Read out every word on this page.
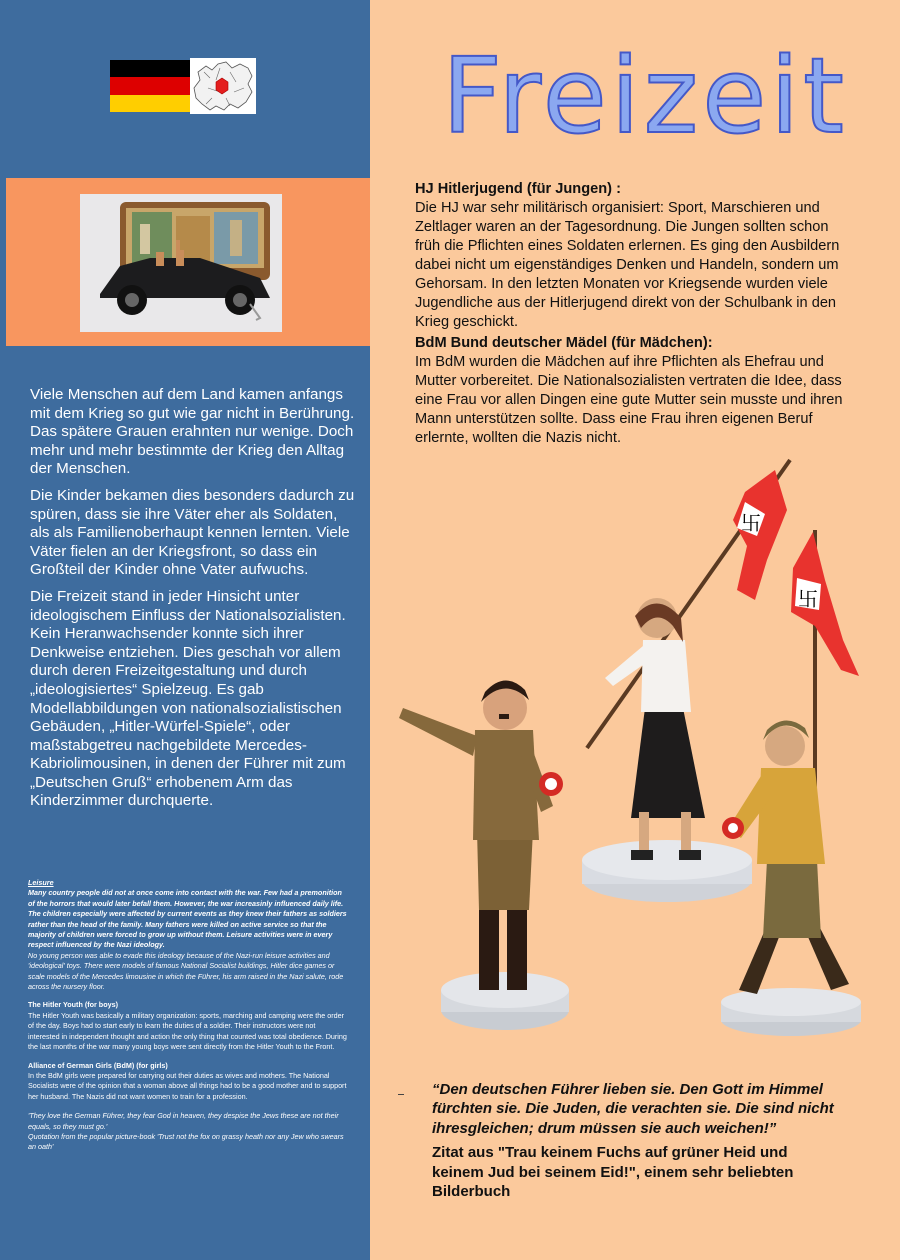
Viele Menschen auf dem Land kamen anfangs mit dem Krieg so gut wie gar nicht in Berührung. Das spätere Grauen erahnten nur wenige. Doch mehr und mehr bestimmte der Krieg den Alltag der Menschen.

Die Kinder bekamen dies besonders dadurch zu spüren, dass sie ihre Väter eher als Soldaten, als als Familienoberhaupt kennen lernten. Viele Väter fielen an der Kriegsfront, so dass ein Großteil der Kinder ohne Vater aufwuchs.

Die Freizeit stand in jeder Hinsicht unter ideologischem Einfluss der Nationalsozialisten. Kein Heranwachsender konnte sich ihrer Denkweise entziehen. Dies geschah vor allem durch deren Freizeitgestaltung und durch „ideologisiertes“ Spielzeug. Es gab Modellabbildungen von nationalsozialistischen Gebäuden, „Hitler-Würfel-Spiele“, oder maßstabgetreu nachgebildete Mercedes-Kabriolimousinen, in denen der Führer mit zum „Deutschen Gruß“ erhobenem Arm das Kinderzimmer durchquerte.

Leisure
Many country people did not at once come into contact with the war. Few had a premonition of the horrors that would later befall them. However, the war increasinly influenced daily life. The children especially were affected by current events as they knew their fathers as soldiers rather than the head of the family. Many fathers were killed on active service so that the majority of children were forced to grow up without them. Leisure activities were in every respect influenced by the Nazi ideology.
No young person was able to evade this ideology because of the Nazi-run leisure activities and 'ideological' toys. There were models of famous National Socialist buildings, Hitler dice games or scale models of the Mercedes limousine in which the Führer, his arm raised in the Nazi salute, rode across the nursery floor.
The Hitler Youth (for boys)
The Hitler Youth was basically a military organization: sports, marching and camping were the order of the day. Boys had to start early to learn the duties of a soldier. Their instructors were not interested in independent thought and action the only thing that counted was total obedience. During the last months of the war many young boys were sent directly from the Hitler Youth to the Front.
Alliance of German Girls (BdM) (for girls)
In the BdM girls were prepared for carrying out their duties as wives and mothers. The National Socialists were of the opinion that a woman above all things had to be a good mother and to support her husband. The Nazis did not want women to train for a profession.
'They love the German Führer, they fear God in heaven, they despise the Jews these are not their equals, so they must go.'
Quotation from the popular picture-book 'Trust not the fox on grassy heath nor any Jew who swears an oath'
Freizeit
HJ Hitlerjugend (für Jungen) :

Die HJ war sehr militärisch organisiert: Sport, Marschieren und Zeltlager waren an der Tagesordnung. Die Jungen sollten schon früh die Pflichten eines Soldaten erlernen. Es ging den Ausbildern dabei nicht um eigenständiges Denken und Handeln, sondern um Gehorsam. In den letzten Monaten vor Kriegsende wurden viele Jugendliche aus der Hitlerjugend direkt von der Schulbank in den Krieg geschickt.

BdM Bund deutscher Mädel (für Mädchen):

Im BdM wurden die Mädchen auf ihre Pflichten als Ehefrau und Mutter vorbereitet. Die Nationalsozialisten vertraten die Idee, dass eine Frau vor allen Dingen eine gute Mutter sein musste und ihren Mann unterstützen sollte. Dass eine Frau ihren eigenen Beruf erlernte, wollten die Nazis nicht.

卐
卐
“Den deutschen Führer lieben sie. Den Gott im Himmel fürchten sie. Die Juden, die verachten sie. Die sind nicht ihresgleichen; drum müssen sie auch weichen!”
Zitat aus "Trau keinem Fuchs auf grüner Heid und keinem Jud bei seinem Eid!", einem sehr beliebten Bilderbuch
